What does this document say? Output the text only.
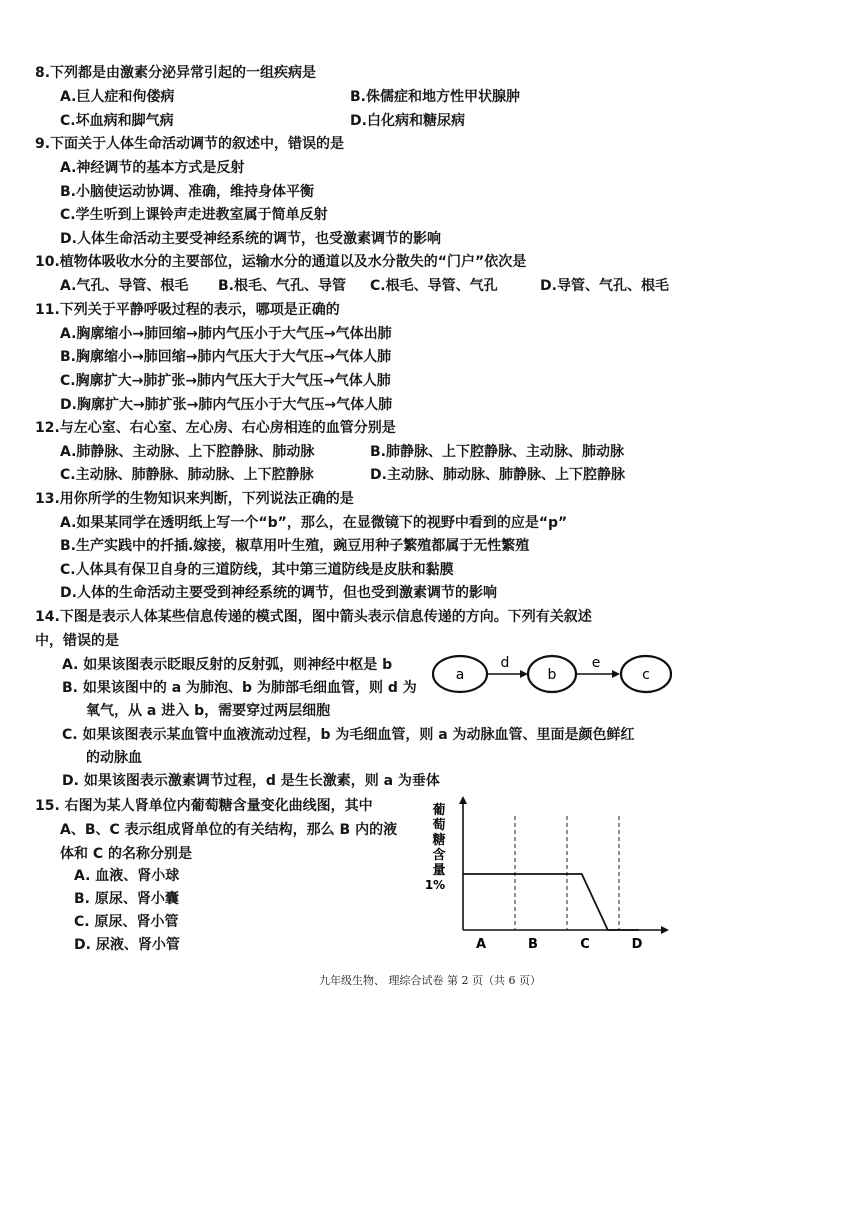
8.下列都是由激素分泌异常引起的一组疾病是
A.巨人症和佝偻病	B.侏儒症和地方性甲状腺肿
C.坏血病和脚气病	D.白化病和糖尿病
9.下面关于人体生命活动调节的叙述中，错误的是
A.神经调节的基本方式是反射
B.小脑使运动协调、准确，维持身体平衡
C.学生听到上课铃声走进教室属于简单反射
D.人体生命活动主要受神经系统的调节，也受激素调节的影响
10.植物体吸收水分的主要部位，运输水分的通道以及水分散失的“门户”依次是
A.气孔、导管、根毛 B.根毛、气孔、导管 C.根毛、导管、气孔	D.导管、气孔、根毛
11.下列关于平静呼吸过程的表示，哪项是正确的
A.胸廓缩小→肺回缩→肺内气压小于大气压→气体出肺
B.胸廓缩小→肺回缩→肺内气压大于大气压→气体人肺
C.胸廓扩大→肺扩张→肺内气压大于大气压→气体人肺
D.胸廓扩大→肺扩张→肺内气压小于大气压→气体人肺
12.与左心室、右心室、左心房、右心房相连的血管分别是
A.肺静脉、主动脉、上下腔静脉、肺动脉	B.肺静脉、上下腔静脉、主动脉、肺动脉
C.主动脉、肺静脉、肺动脉、上下腔静脉	D.主动脉、肺动脉、肺静脉、上下腔静脉
13.用你所学的生物知识来判断，下列说法正确的是
A.如果某同学在透明纸上写一个“b”，那么，在显微镜下的视野中看到的应是“p”
B.生产实践中的扦插.嫁接，椒草用叶生殖，豌豆用种子繁殖都属于无性繁殖
C.人体具有保卫自身的三道防线，其中第三道防线是皮肤和黏膜
D.人体的生命活动主要受到神经系统的调节，但也受到激素调节的影响
14.下图是表示人体某些信息传递的模式图，图中箭头表示信息传递的方向。下列有关叙述
中，错误的是
A. 如果该图表示眨眼反射的反射弧，则神经中枢是 b
B. 如果该图中的 a 为肺泡、b 为肺部毛细血管，则 d 为
氧气，从 a 进入 b，需要穿过两层细胞
C. 如果该图表示某血管中血液流动过程，b 为毛细血管，则 a 为动脉血管、里面是颜色鲜红
的动脉血
D. 如果该图表示激素调节过程，d 是生长激素，则 a 为垂体
a
d
b
e
c
15. 右图为某人肾单位内葡萄糖含量变化曲线图，其中
A、B、C 表示组成肾单位的有关结构，那么 B 内的液
体和 C 的名称分别是
A. 血液、肾小球
B. 原尿、肾小囊
C. 原尿、肾小管
D. 尿液、肾小管
葡
萄
糖
含
量
1%
A	B	C	D
九年级生物、 理综合试卷 第 2 页（共 6 页）
